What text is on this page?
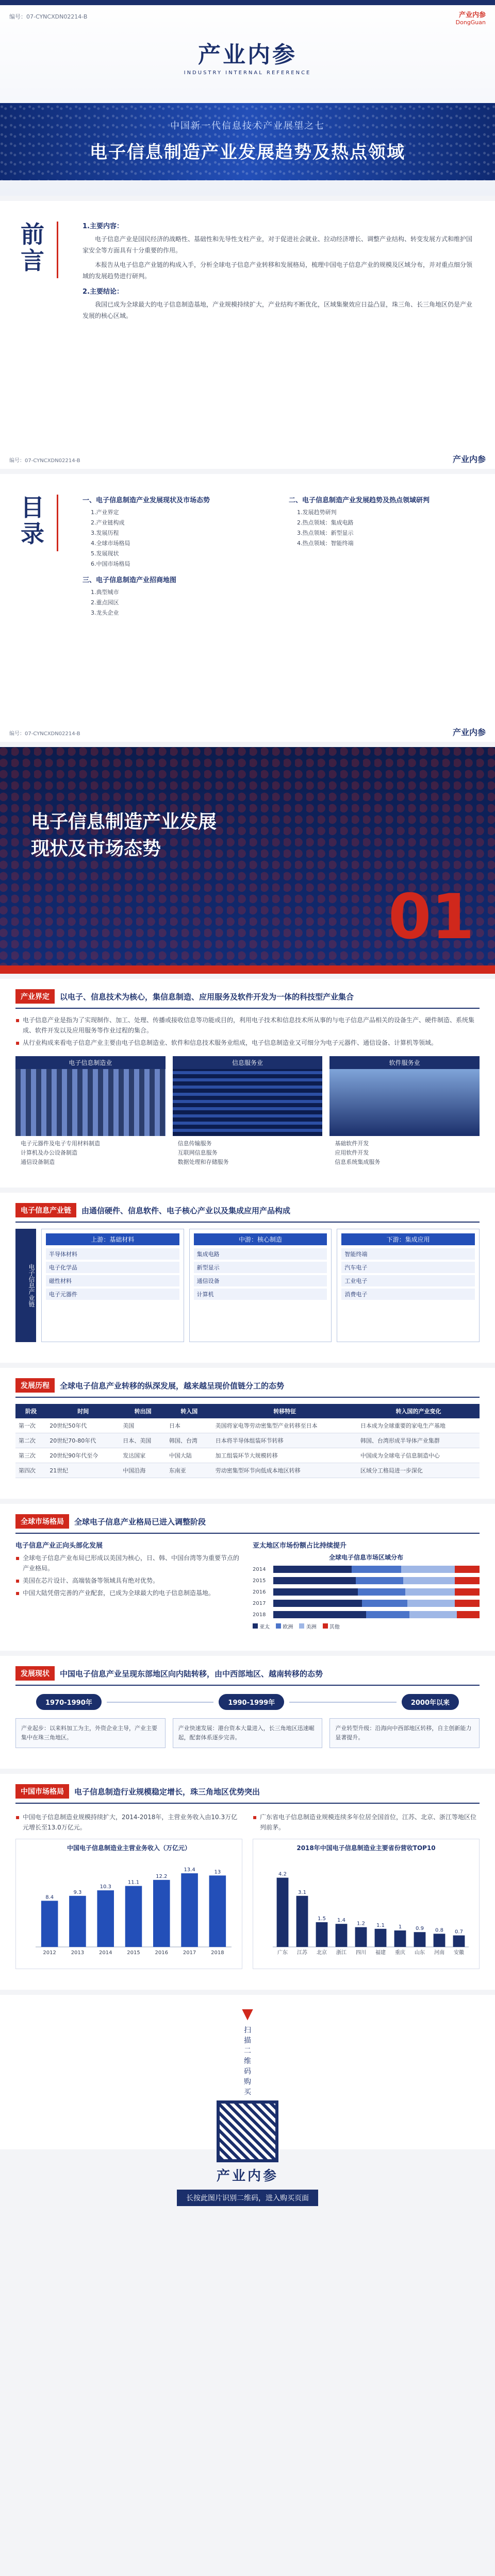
编号：07-CYNCXDN02214-B	产业内参
DongGuan
产业内参
INDUSTRY INTERNAL REFERENCE
中国新一代信息技术产业展望之七
电子信息制造产业发展趋势及热点领域
前
言
1.主要内容：

电子信息产业是国民经济的战略性、基础性和先导性支柱产业，对于促进社会就业、拉动经济增长、调整产业结构、转变发展方式和维护国家安全等方面具有十分重要的作用。

本报告从电子信息产业链的构成入手，分析全球电子信息产业转移和发展格局，梳理中国电子信息产业的规模及区域分布，并对重点细分领域的发展趋势进行研判。

2.主要结论：

我国已成为全球最大的电子信息制造基地，产业规模持续扩大，产业结构不断优化，区域集聚效应日益凸显，珠三角、长三角地区仍是产业发展的核心区域。

编号：07-CYNCXDN02214-B	产业内参
目
录
一、电子信息制造产业发展现状及市场态势
1.产业界定
2.产业链构成
3.发展历程
4.全球市场格局
5.发展现状
6.中国市场格局
二、电子信息制造产业发展趋势及热点领域研判
1.发展趋势研判
2.热点领域：集成电路
3.热点领域：新型显示
4.热点领域：智能终端
三、电子信息制造产业招商地图
1.典型城市
2.重点园区
3.龙头企业
编号：07-CYNCXDN02214-B	产业内参
电子信息制造产业发展
现状及市场态势
01
产业界定	以电子、信息技术为核心，集信息制造、应用服务及软件开发为一体的科技型产业集合

▪ 电子信息产业是指为了实现制作、加工、处理、传播或接收信息等功能或目的，利用电子技术和信息技术所从事的与电子信息产品相关的设备生产、硬件制造、系统集成、软件开发以及应用服务等作业过程的集合。

▪ 从行业构成来看电子信息产业主要由电子信息制造业、软件和信息技术服务业组成，电子信息制造业又可细分为电子元器件、通信设备、计算机等领域。

电子信息制造业
电子元器件及电子专用材料制造
计算机及办公设备制造
通信设备制造
信息服务业
信息传输服务
互联网信息服务
数据处理和存储服务
软件服务业
基础软件开发
应用软件开发
信息系统集成服务
电子信息产业链	由通信硬件、信息软件、电子核心产业以及集成应用产品构成
电子信息产业链
上游：基础材料
半导体材料
电子化学品
磁性材料
电子元器件
中游：核心制造
集成电路
新型显示
通信设备
计算机
下游：集成应用
智能终端
汽车电子
工业电子
消费电子
发展历程	全球电子信息产业转移的纵深发展，越来越呈现价值链分工的态势
阶段	时间	转出国	转入国	转移特征	转入国的产业变化
第一次	20世纪50年代	美国	日本	美国将家电等劳动密集型产业转移至日本	日本成为全球重要的家电生产基地
第二次	20世纪70-80年代	日本、美国	韩国、台湾	日本将半导体组装环节转移	韩国、台湾形成半导体产业集群
第三次	20世纪90年代至今	发达国家	中国大陆	加工组装环节大规模转移	中国成为全球电子信息制造中心
第四次	21世纪	中国沿海	东南亚	劳动密集型环节向低成本地区转移	区域分工格局进一步深化
全球市场格局	全球电子信息产业格局已进入调整阶段
电子信息产业正向头部化发展

▪ 全球电子信息产业布局已形成以美国为核心，日、韩、中国台湾等为重要节点的产业格局。

▪ 美国在芯片设计、高端装备等领域具有绝对优势。

▪ 中国大陆凭借完善的产业配套，已成为全球最大的电子信息制造基地。

亚太地区市场份额占比持续提升
全球电子信息市场区域分布
2014
2015
2016
2017
2018
亚太	欧洲	美洲	其他
发展现状	中国电子信息产业呈现东部地区向内陆转移，由中西部地区、越南转移的态势
1970-1990年	1990-1999年	2000年以来
产业起步：以来料加工为主，外资企业主导，产业主要集中在珠三角地区。
产业快速发展：港台资本大量进入，长三角地区迅速崛起，配套体系逐步完善。
产业转型升级：沿海向中西部地区转移，自主创新能力显著提升。
中国市场格局	电子信息制造行业规模稳定增长，珠三角地区优势突出

▪ 中国电子信息制造业规模持续扩大，2014-2018年，主营业务收入由10.3万亿元增长至13.0万亿元。

▪ 广东省电子信息制造业规模连续多年位居全国首位，江苏、北京、浙江等地区位列前茅。

中国电子信息制造业主营业务收入（万亿元）
8.4
2012
9.3
2013
10.3
2014
11.1
2015
12.2
2016
13.4
2017
13
2018
2018年中国电子信息制造业主要省份营收TOP10
4.2
广东
3.1
江苏
1.5
北京
1.4
浙江
1.2
四川
1.1
福建
1
重庆
0.9
山东
0.8
河南
0.7
安徽
▼
扫描二维码购买
产业内参
长按此图片识别二维码，进入购买页面
